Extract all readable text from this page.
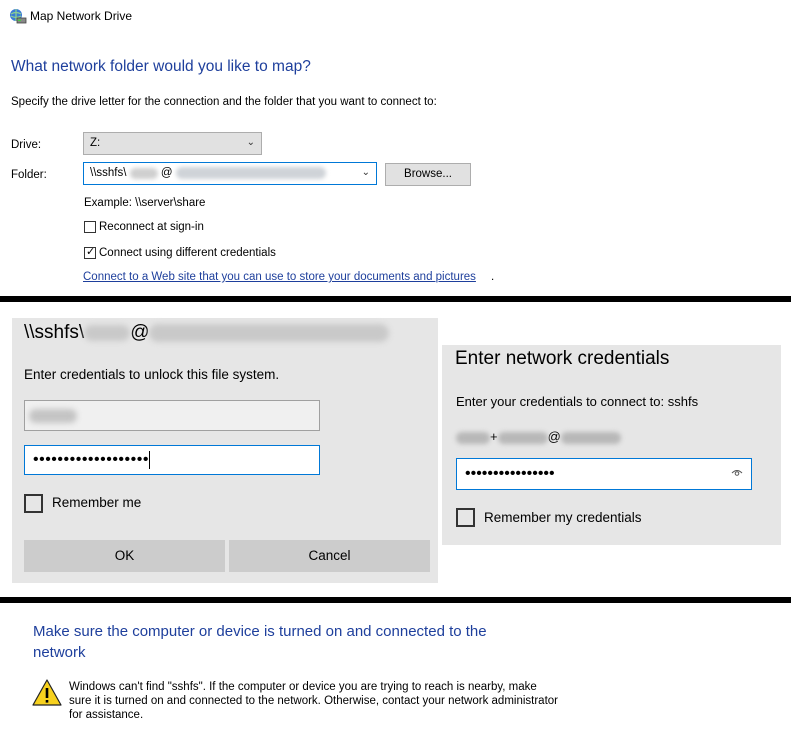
Map Network Drive
What network folder would you like to map?
Specify the drive letter for the connection and the folder that you want to connect to:
Drive:	Z:	⌄
Folder:	\\sshfs\	@	⌄	Browse...
Example: \\server\share
Reconnect at sign-in
✓
Connect using different credentials
Connect to a Web site that you can use to store your documents and pictures .
\\sshfs\ @
Enter credentials to unlock this file system.
•••••••••••••••••••
Remember me
OK	Cancel
Enter network credentials
Enter your credentials to connect to: sshfs
+	@
••••••••••••••••
Remember my credentials
Make sure the computer or device is turned on and connected to the network
Windows can't find "sshfs". If the computer or device you are trying to reach is nearby, make sure it is turned on and connected to the network. Otherwise, contact your network administrator for assistance.
